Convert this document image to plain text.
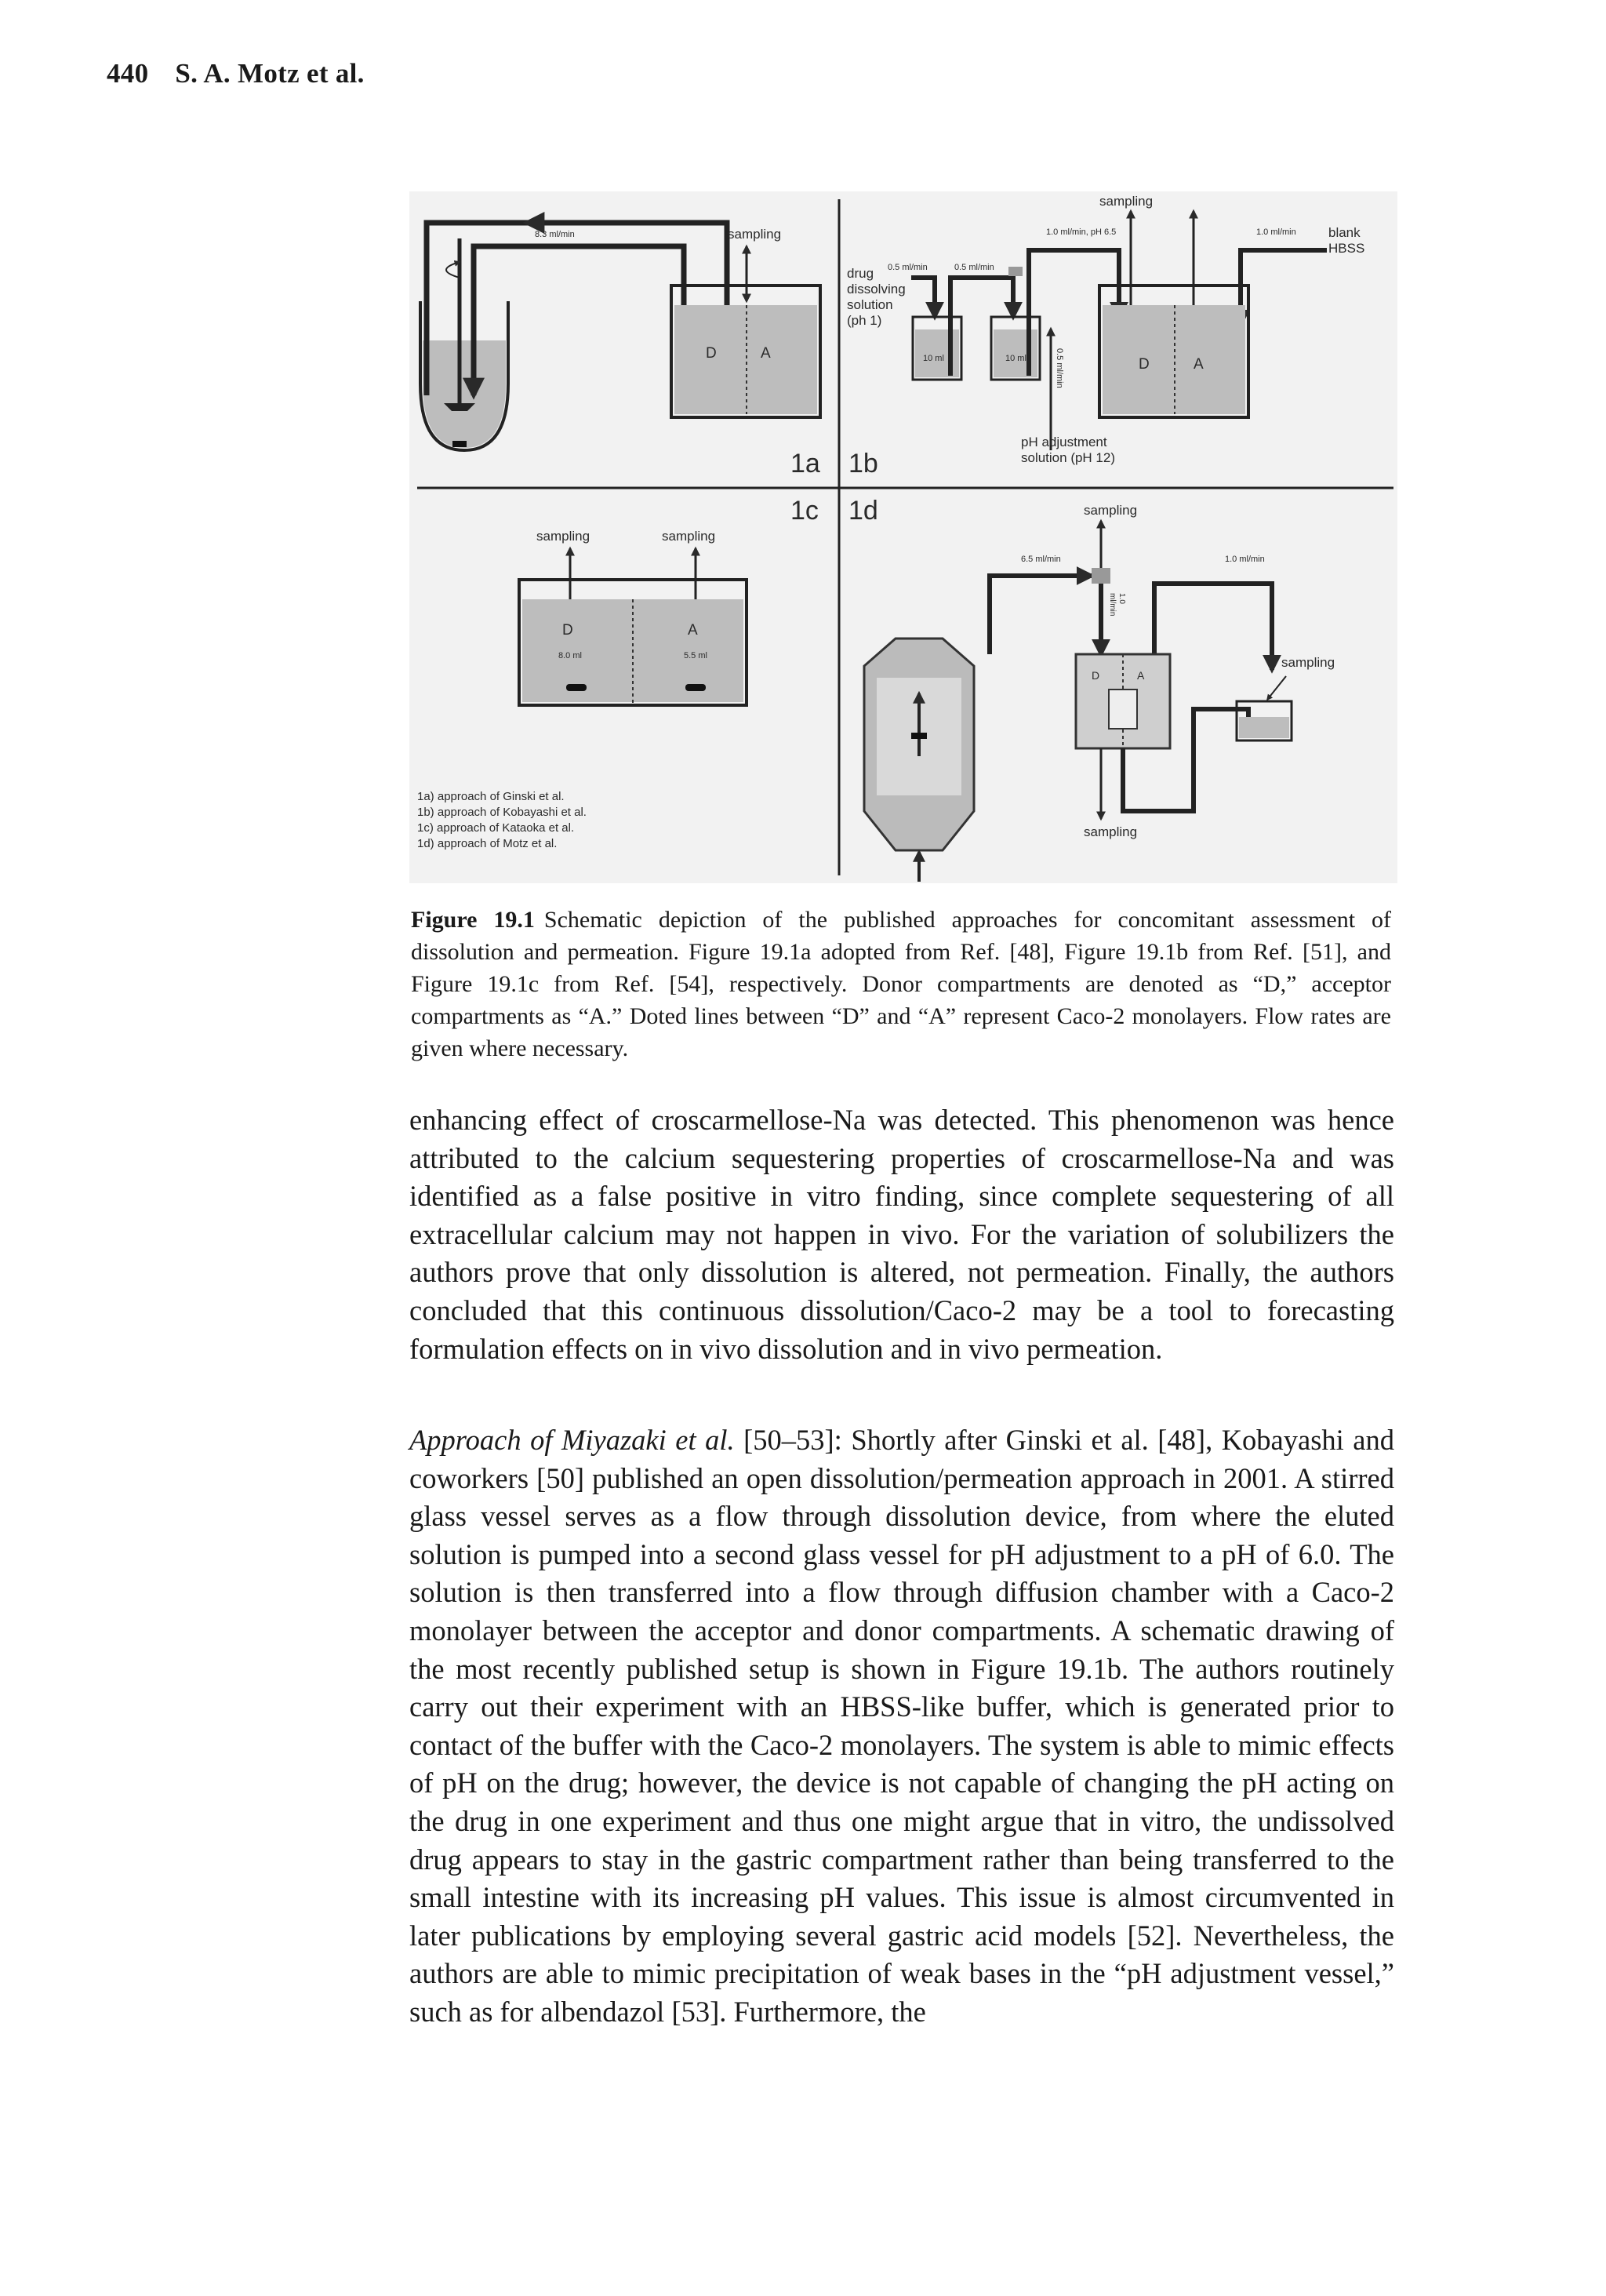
440 S. A. Motz et al.
1a 1b
1c 1d
8.3 ml/min	sampling
D	A
drug dissolving solution (ph 1)
0.5 ml/min
10 ml
0.5 ml/min
10 ml	0.5 ml/min
1.0 ml/min, pH 6.5
sampling
1.0 ml/min blank
HBSS
D	A
pH adjustment
solution (pH 12)
sampling	sampling
D	A
8.0 ml	5.5 ml
sampling
6.5 ml/min
1.0
ml/min
1.0 ml/min
D	A
sampling
sampling
1a) approach of Ginski et al.
1b) approach of Kobayashi et al.
1c) approach of Kataoka et al.
1d) approach of Motz et al.
Figure 19.1 Schematic depiction of the published approaches for concomitant assessment of dissolution and permeation. Figure 19.1a adopted from Ref. [48], Figure 19.1b from Ref. [51], and Figure 19.1c from Ref. [54], respectively. Donor compartments are denoted as “D,” acceptor compartments as “A.” Doted lines between “D” and “A” represent Caco-2 monolayers. Flow rates are given where necessary.

enhancing effect of croscarmellose-Na was detected. This phenomenon was hence attributed to the calcium sequestering properties of croscarmellose-Na and was identified as a false positive in vitro finding, since complete sequestering of all extracellular calcium may not happen in vivo. For the variation of solubilizers the authors prove that only dissolution is altered, not permeation. Finally, the authors concluded that this continuous dissolution/Caco-2 may be a tool to forecasting formulation effects on in vivo dissolution and in vivo permeation.

Approach of Miyazaki et al. [50–53]: Shortly after Ginski et al. [48], Kobayashi and coworkers [50] published an open dissolution/permeation approach in 2001. A stirred glass vessel serves as a flow through dissolution device, from where the eluted solution is pumped into a second glass vessel for pH adjustment to a pH of 6.0. The solution is then transferred into a flow through diffusion chamber with a Caco-2 monolayer between the acceptor and donor compartments. A schematic drawing of the most recently published setup is shown in Figure 19.1b. The authors routinely carry out their experiment with an HBSS-like buffer, which is generated prior to contact of the buffer with the Caco-2 monolayers. The system is able to mimic effects of pH on the drug; however, the device is not capable of changing the pH acting on the drug in one experiment and thus one might argue that in vitro, the undissolved drug appears to stay in the gastric compartment rather than being transferred to the small intestine with its increasing pH values. This issue is almost circumvented in later publications by employing several gastric acid models [52]. Nevertheless, the authors are able to mimic precipitation of weak bases in the “pH adjustment vessel,” such as for albendazol [53]. Furthermore, the
